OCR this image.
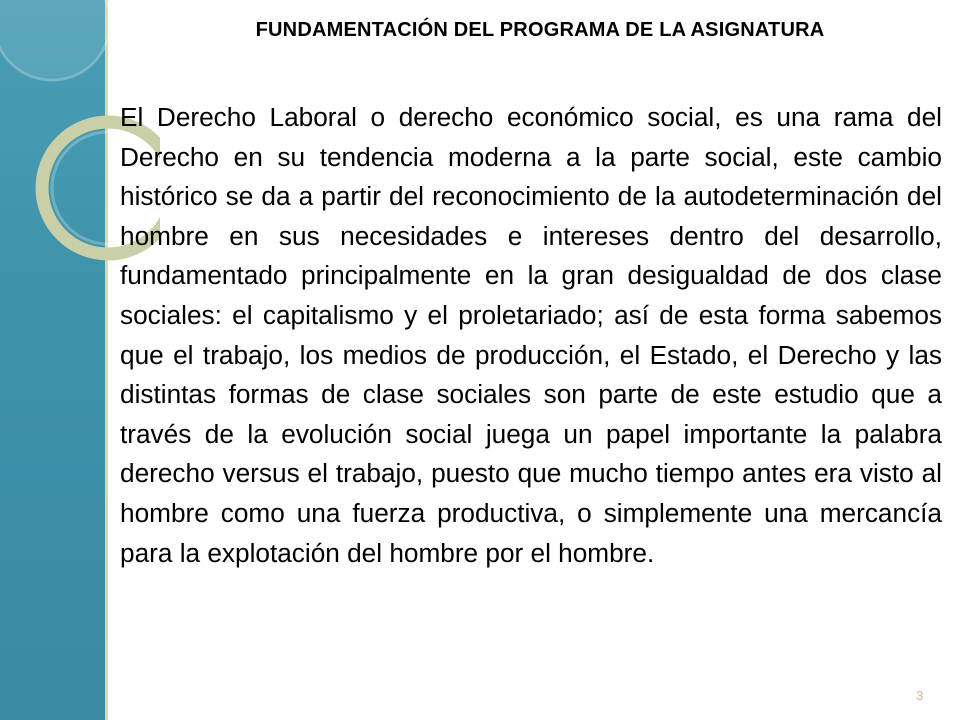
FUNDAMENTACIÓN DEL PROGRAMA DE LA ASIGNATURA

El Derecho Laboral o derecho económico social, es una rama del Derecho en su tendencia moderna a la parte social, este cambio histórico se da a partir del reconocimiento de la autodeterminación del hombre en sus necesidades e intereses dentro del desarrollo, fundamentado principalmente en la gran desigualdad de dos clase sociales: el capitalismo y el proletariado; así de esta forma sabemos que el trabajo, los medios de producción, el Estado, el Derecho y las distintas formas de clase sociales son parte de este estudio que a través de la evolución social juega un papel importante la palabra derecho versus el trabajo, puesto que mucho tiempo antes era visto al hombre como una fuerza productiva, o simplemente una mercancía para la explotación del hombre por el hombre.

3
